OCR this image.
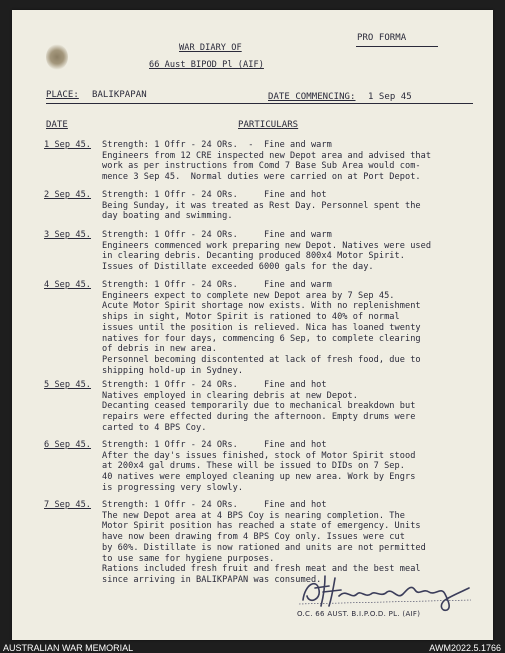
PRO FORMA
WAR DIARY OF
66 Aust BIPOD Pl (AIF)
PLACE: BALIKPAPAN	DATE COMMENCING: 1 Sep 45
DATE	PARTICULARS
1 Sep 45. Strength: 1 Offr - 24 ORs.  -  Fine and warm
Engineers from 12 CRE inspected new Depot area and advised that
work as per instructions from Comd 7 Base Sub Area would com-
mence 3 Sep 45.  Normal duties were carried on at Port Depot.
2 Sep 45. Strength: 1 Offr - 24 ORs.     Fine and hot
Being Sunday, it was treated as Rest Day. Personnel spent the
day boating and swimming.
3 Sep 45. Strength: 1 Offr - 24 ORs.     Fine and warm
Engineers commenced work preparing new Depot. Natives were used
in clearing debris. Decanting produced 800x4 Motor Spirit.
Issues of Distillate exceeded 6000 gals for the day.
4 Sep 45. Strength: 1 Offr - 24 ORs.     Fine and warm
Engineers expect to complete new Depot area by 7 Sep 45.
Acute Motor Spirit shortage now exists. With no replenishment
ships in sight, Motor Spirit is rationed to 40% of normal
issues until the position is relieved. Nica has loaned twenty
natives for four days, commencing 6 Sep, to complete clearing
of debris in new area.
Personnel becoming discontented at lack of fresh food, due to
shipping hold-up in Sydney.
5 Sep 45. Strength: 1 Offr - 24 ORs.     Fine and hot
Natives employed in clearing debris at new Depot.
Decanting ceased temporarily due to mechanical breakdown but
repairs were effected during the afternoon. Empty drums were
carted to 4 BPS Coy.
6 Sep 45. Strength: 1 Offr - 24 ORs.     Fine and hot
After the day's issues finished, stock of Motor Spirit stood
at 200x4 gal drums. These will be issued to DIDs on 7 Sep.
40 natives were employed cleaning up new area. Work by Engrs
is progressing very slowly.
7 Sep 45. Strength: 1 Offr - 24 ORs.     Fine and hot
The new Depot area at 4 BPS Coy is nearing completion. The
Motor Spirit position has reached a state of emergency. Units
have now been drawing from 4 BPS Coy only. Issues were cut
by 60%. Distillate is now rationed and units are not permitted
to use same for hygiene purposes.
Rations included fresh fruit and fresh meat and the best meal
since arriving in BALIKPAPAN was consumed.
O.C. 66 AUST. B.I.P.O.D. PL. (AIF)
AUSTRALIAN WAR MEMORIAL	AWM2022.5.1766
